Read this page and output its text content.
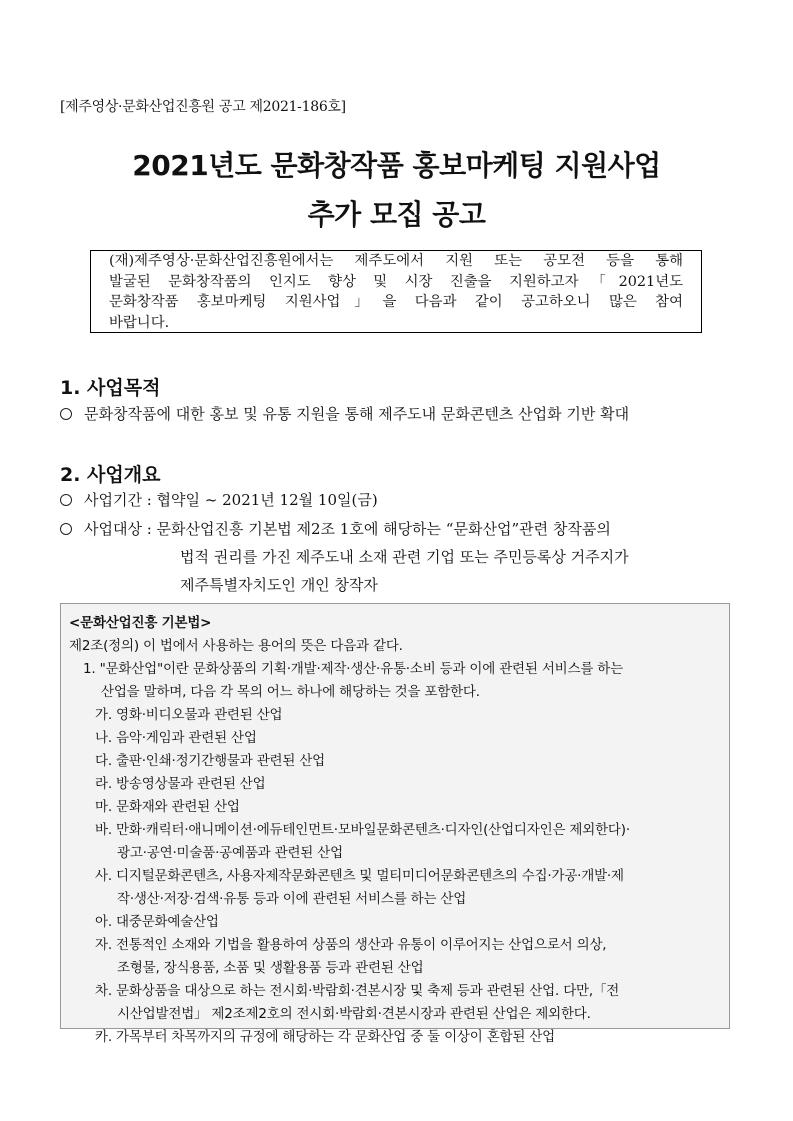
[제주영상·문화산업진흥원 공고 제2021-186호]
2021년도 문화창작품 홍보마케팅 지원사업
추가 모집 공고
(재)제주영상·문화산업진흥원에서는 제주도에서 지원 또는 공모전 등을 통해
발굴된 문화창작품의 인지도 향상 및 시장 진출을 지원하고자「2021년도
문화창작품 홍보마케팅 지원사업」을 다음과 같이 공고하오니 많은 참여
바랍니다.
1. 사업목적
문화창작품에 대한 홍보 및 유통 지원을 통해 제주도내 문화콘텐츠 산업화 기반 확대
2. 사업개요
사업기간 : 협약일 ~ 2021년 12월 10일(금)
사업대상 : 문화산업진흥 기본법 제2조 1호에 해당하는 “문화산업”관련 창작품의
법적 권리를 가진 제주도내 소재 관련 기업 또는 주민등록상 거주지가
제주특별자치도인 개인 창작자
<문화산업진흥 기본법>
제2조(정의) 이 법에서 사용하는 용어의 뜻은 다음과 같다.
1. "문화산업"이란 문화상품의 기획·개발·제작·생산·유통·소비 등과 이에 관련된 서비스를 하는
산업을 말하며, 다음 각 목의 어느 하나에 해당하는 것을 포함한다.
가. 영화·비디오물과 관련된 산업
나. 음악·게임과 관련된 산업
다. 출판·인쇄·정기간행물과 관련된 산업
라. 방송영상물과 관련된 산업
마. 문화재와 관련된 산업
바. 만화·캐릭터·애니메이션·에듀테인먼트·모바일문화콘텐츠·디자인(산업디자인은 제외한다)·
광고·공연·미술품·공예품과 관련된 산업
사. 디지털문화콘텐츠, 사용자제작문화콘텐츠 및 멀티미디어문화콘텐츠의 수집·가공·개발·제
작·생산·저장·검색·유통 등과 이에 관련된 서비스를 하는 산업
아. 대중문화예술산업
자. 전통적인 소재와 기법을 활용하여 상품의 생산과 유통이 이루어지는 산업으로서 의상,
조형물, 장식용품, 소품 및 생활용품 등과 관련된 산업
차. 문화상품을 대상으로 하는 전시회·박람회·견본시장 및 축제 등과 관련된 산업. 다만,「전
시산업발전법」 제2조제2호의 전시회·박람회·견본시장과 관련된 산업은 제외한다.
카. 가목부터 차목까지의 규정에 해당하는 각 문화산업 중 둘 이상이 혼합된 산업
